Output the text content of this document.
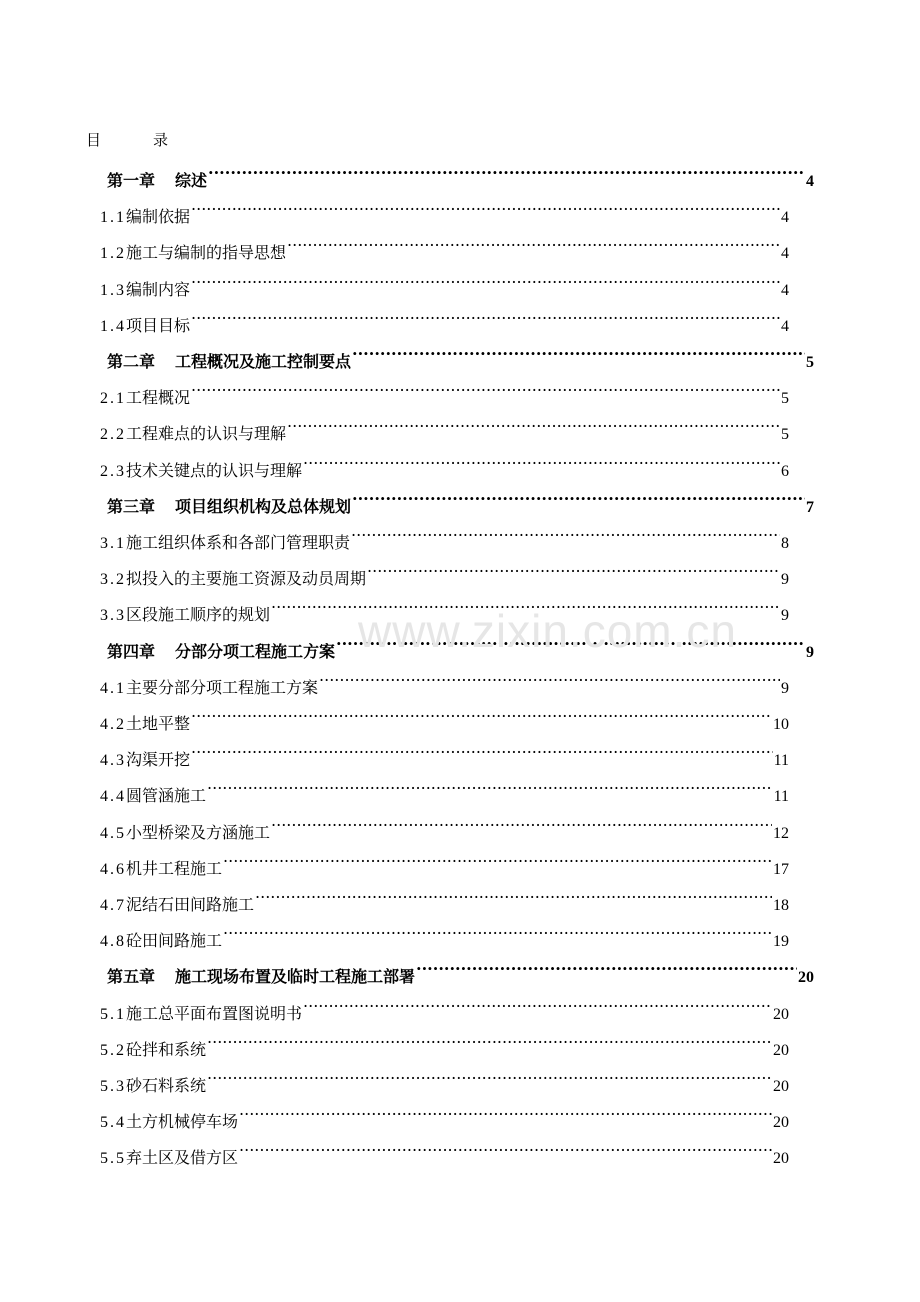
目	录
第一章 综述 .....	4
1.1编制依据 .....	4
1.2施工与编制的指导思想 .....	4
1.3编制内容 .....	4
1.4项目目标 .....	4
第二章 工程概况及施工控制要点 .....	5
2.1工程概况 .....	5
2.2工程难点的认识与理解 .....	5
2.3技术关键点的认识与理解 .....	6
第三章 项目组织机构及总体规划 .....	7
3.1施工组织体系和各部门管理职责 .....	8
3.2拟投入的主要施工资源及动员周期 .....	9
3.3区段施工顺序的规划 .....	9
第四章 分部分项工程施工方案 .....	9
4.1主要分部分项工程施工方案 .....	9
4.2土地平整 .....	10
4.3沟渠开挖 .....	11
4.4圆管涵施工 .....	11
4.5小型桥梁及方涵施工 .....	12
4.6机井工程施工 .....	17
4.7泥结石田间路施工 .....	18
4.8砼田间路施工 .....	19
第五章 施工现场布置及临时工程施工部署 .....	20
5.1施工总平面布置图说明书 .....	20
5.2砼拌和系统 .....	20
5.3砂石料系统 .....	20
5.4土方机械停车场 .....	20
5.5弃土区及借方区 .....	20
www.zixin.com.cn
